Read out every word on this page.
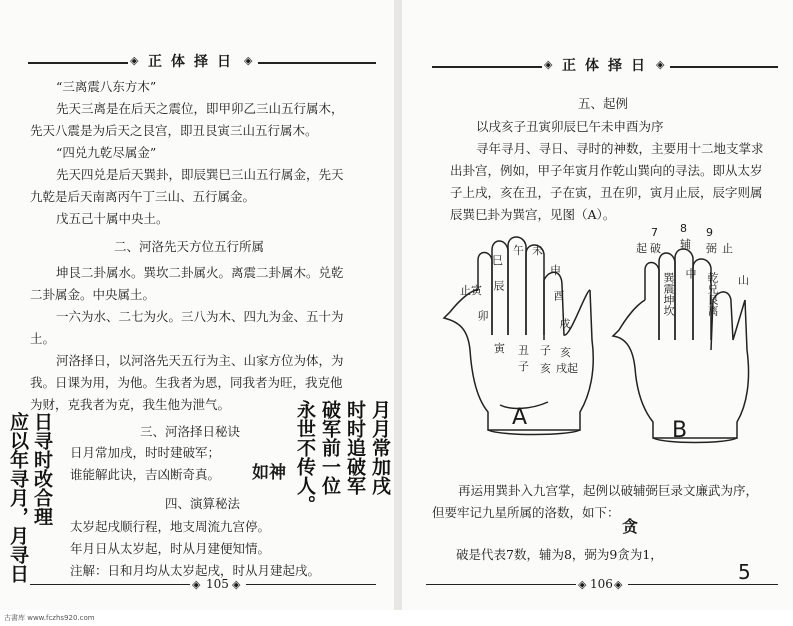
◈ 正体择日 ◈
“三离震八东方木”
先天三离是在后天之震位，即甲卯乙三山五行属木，
先天八震是为后天之艮宫，即丑艮寅三山五行属木。
“四兑九乾尽属金”
先天四兑是后天巽卦，即辰巽巳三山五行属金，先天
九乾是后天南离丙午丁三山、五行属金。
戊五己十属中央土。
二、河洛先天方位五行所属
坤艮二卦属水。巽坎二卦属火。离震二卦属木。兑乾
二卦属金。中央属土。
一六为水、二七为火。三八为木、四九为金、五十为
土。
河洛择日，以河洛先天五行为主、山家方位为体，为
我。日课为用，为他。生我者为恩，同我者为旺，我克他
为财，克我者为克，我生他为泄气。
三、河洛择日秘诀
日月常加戌，时时建破军；
谁能解此诀，吉凶断奇真。 如神
四、演算秘法
太岁起戌顺行程，地支周流九宫停。
年月日从太岁起，时从月建便知情。
注解：日和月均从太岁起戌，时从月建起戌。
◈ 105 ◈
月月常加戌
时时追破军
破军前一位
永世不传人。
日寻时改合理
应以年寻月，月寻日
◈ 正体择日 ◈
五、起例
以戌亥子丑寅卯辰巳午未申酉为序
寻年寻月、寻日、寻时的神数，主要用十二地支掌求
出卦宫，例如，甲子年寅月作乾山巽向的寻法。即从太岁
子上戌，亥在丑，子在寅，丑在卯，寅月止辰，辰字则属
辰巽巳卦为巽宫，见图（A）。
巳
午 未
申
辰
卯
酉
戌
寅 丑 子 亥
子 亥 戌起
止寅
A
7 8 9
起 破 辅 弼 止
巽震坤坎 中 乾兑艮离 山
B
再运用巽卦入九宫掌，起例以破辅弼巨录文廉武为序，
但要牢记九星所属的洛数，如下：
贪
破是代表7数，辅为8，弼为9贪为1，
5
◈ 106 ◈
古書库 www.fczhs920.com
